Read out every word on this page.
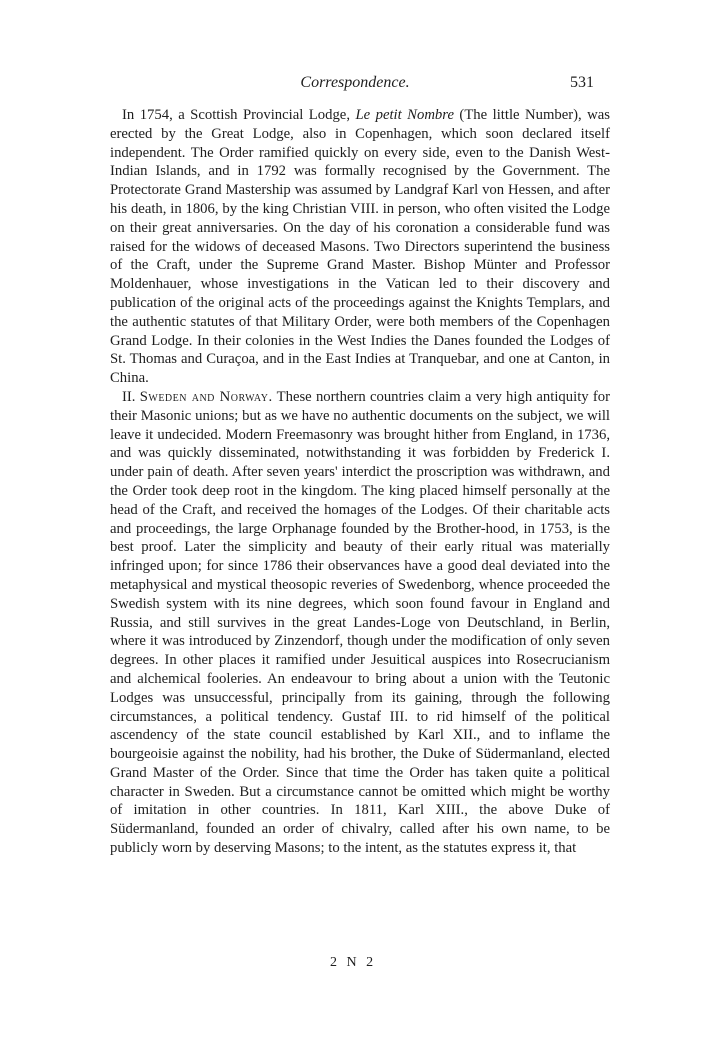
Correspondence.	531

In 1754, a Scottish Provincial Lodge, Le petit Nombre (The little Number), was erected by the Great Lodge, also in Copenhagen, which soon declared itself independent. The Order ramified quickly on every side, even to the Danish West-Indian Islands, and in 1792 was formally recognised by the Government. The Protectorate Grand Mastership was assumed by Landgraf Karl von Hessen, and after his death, in 1806, by the king Christian VIII. in person, who often visited the Lodge on their great anniversaries. On the day of his coronation a considerable fund was raised for the widows of deceased Masons. Two Directors superintend the business of the Craft, under the Supreme Grand Master. Bishop Münter and Professor Moldenhauer, whose investigations in the Vatican led to their discovery and publication of the original acts of the proceedings against the Knights Templars, and the authentic statutes of that Military Order, were both members of the Copenhagen Grand Lodge. In their colonies in the West Indies the Danes founded the Lodges of St. Thomas and Curaçoa, and in the East Indies at Tranquebar, and one at Canton, in China.

II. Sweden and Norway. These northern countries claim a very high antiquity for their Masonic unions; but as we have no authentic documents on the subject, we will leave it undecided. Modern Freemasonry was brought hither from England, in 1736, and was quickly disseminated, notwithstanding it was forbidden by Frederick I. under pain of death. After seven years' interdict the proscription was withdrawn, and the Order took deep root in the kingdom. The king placed himself personally at the head of the Craft, and received the homages of the Lodges. Of their charitable acts and proceedings, the large Orphanage founded by the Brother-hood, in 1753, is the best proof. Later the simplicity and beauty of their early ritual was materially infringed upon; for since 1786 their observances have a good deal deviated into the metaphysical and mystical theosopic reveries of Swedenborg, whence proceeded the Swedish system with its nine degrees, which soon found favour in England and Russia, and still survives in the great Landes-Loge von Deutschland, in Berlin, where it was introduced by Zinzendorf, though under the modification of only seven degrees. In other places it ramified under Jesuitical auspices into Rosecrucianism and alchemical fooleries. An endeavour to bring about a union with the Teutonic Lodges was unsuccessful, principally from its gaining, through the following circumstances, a political tendency. Gustaf III. to rid himself of the political ascendency of the state council established by Karl XII., and to inflame the bourgeoisie against the nobility, had his brother, the Duke of Südermanland, elected Grand Master of the Order. Since that time the Order has taken quite a political character in Sweden. But a circumstance cannot be omitted which might be worthy of imitation in other countries. In 1811, Karl XIII., the above Duke of Südermanland, founded an order of chivalry, called after his own name, to be publicly worn by deserving Masons; to the intent, as the statutes express it, that

2 N 2
